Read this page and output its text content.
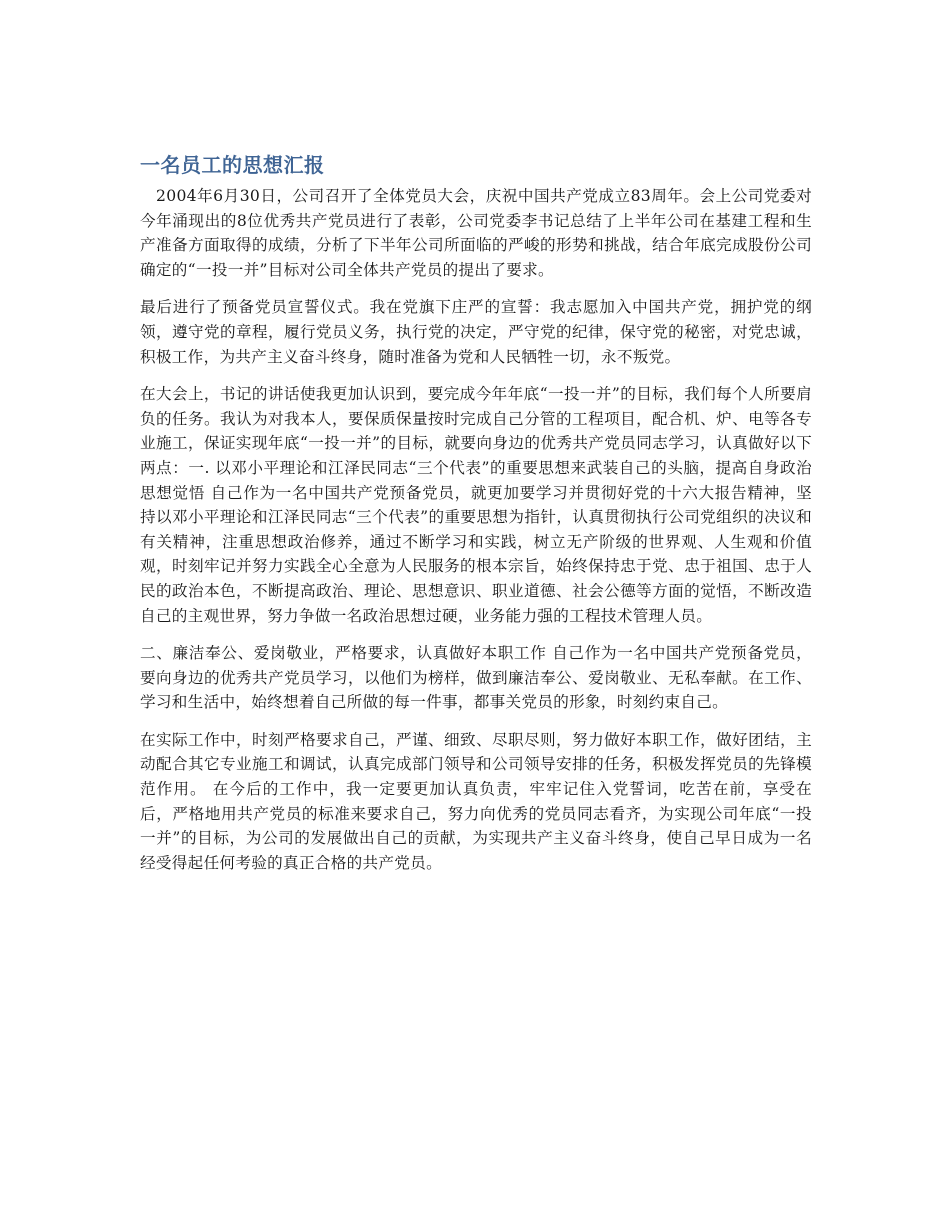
一名员工的思想汇报

2004年6月30日，公司召开了全体党员大会，庆祝中国共产党成立83周年。会上公司党委对今年涌现出的8位优秀共产党员进行了表彰，公司党委李书记总结了上半年公司在基建工程和生产准备方面取得的成绩，分析了下半年公司所面临的严峻的形势和挑战，结合年底完成股份公司确定的“一投一并”目标对公司全体共产党员的提出了要求。

最后进行了预备党员宣誓仪式。我在党旗下庄严的宣誓：我志愿加入中国共产党，拥护党的纲领，遵守党的章程，履行党员义务，执行党的决定，严守党的纪律，保守党的秘密，对党忠诚，积极工作，为共产主义奋斗终身，随时准备为党和人民牺牲一切，永不叛党。

在大会上，书记的讲话使我更加认识到，要完成今年年底“一投一并”的目标，我们每个人所要肩负的任务。我认为对我本人，要保质保量按时完成自己分管的工程项目，配合机、炉、电等各专业施工，保证实现年底“一投一并”的目标，就要向身边的优秀共产党员同志学习，认真做好以下两点：一. 以邓小平理论和江泽民同志“三个代表”的重要思想来武装自己的头脑，提高自身政治思想觉悟 自己作为一名中国共产党预备党员，就更加要学习并贯彻好党的十六大报告精神，坚持以邓小平理论和江泽民同志“三个代表”的重要思想为指针，认真贯彻执行公司党组织的决议和有关精神，注重思想政治修养，通过不断学习和实践，树立无产阶级的世界观、人生观和价值观，时刻牢记并努力实践全心全意为人民服务的根本宗旨，始终保持忠于党、忠于祖国、忠于人民的政治本色，不断提高政治、理论、思想意识、职业道德、社会公德等方面的觉悟，不断改造自己的主观世界，努力争做一名政治思想过硬，业务能力强的工程技术管理人员。

二、廉洁奉公、爱岗敬业，严格要求，认真做好本职工作 自己作为一名中国共产党预备党员，要向身边的优秀共产党员学习，以他们为榜样，做到廉洁奉公、爱岗敬业、无私奉献。在工作、学习和生活中，始终想着自己所做的每一件事，都事关党员的形象，时刻约束自己。

在实际工作中，时刻严格要求自己，严谨、细致、尽职尽则，努力做好本职工作，做好团结，主动配合其它专业施工和调试，认真完成部门领导和公司领导安排的任务，积极发挥党员的先锋模范作用。 在今后的工作中，我一定要更加认真负责，牢牢记住入党誓词，吃苦在前，享受在后，严格地用共产党员的标准来要求自己，努力向优秀的党员同志看齐，为实现公司年底“一投一并”的目标，为公司的发展做出自己的贡献，为实现共产主义奋斗终身，使自己早日成为一名经受得起任何考验的真正合格的共产党员。
